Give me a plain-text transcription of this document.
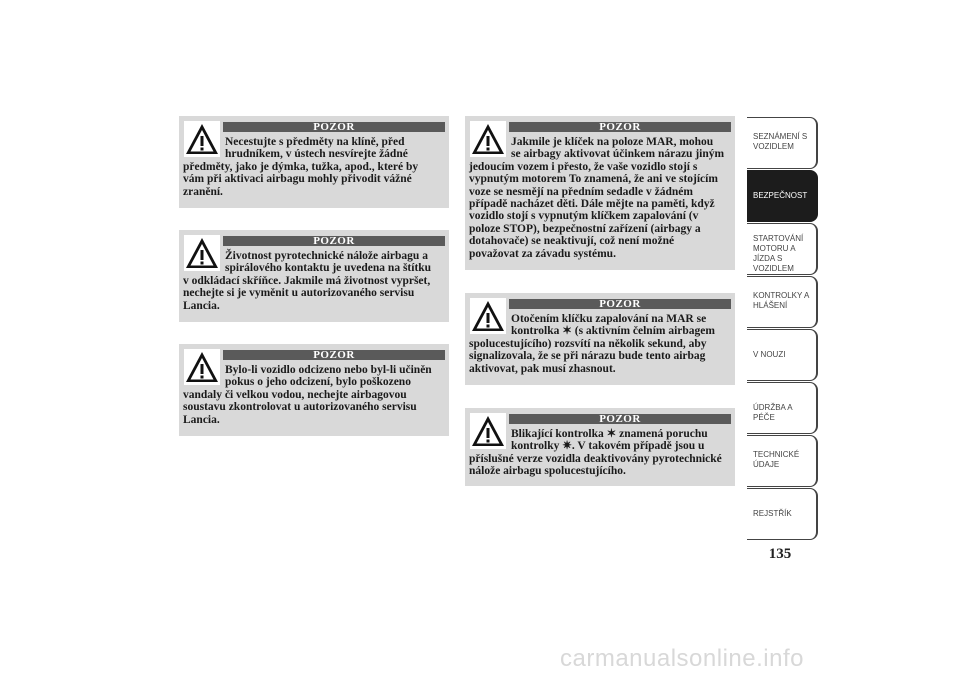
POZOR
Necestujte s předměty na klíně, před hrudníkem, v ústech nesvírejte žádné předměty, jako je dýmka, tužka, apod., které by vám při aktivaci airbagu mohly přivodit vážné zranění.
POZOR
Životnost pyrotechnické nálože airbagu a spirálového kontaktu je uvedena na štítku v odkládací skříňce. Jakmile má životnost vypršet, nechejte si je vyměnit u autorizovaného servisu Lancia.
POZOR
Bylo-li vozidlo odcizeno nebo byl-li učiněn pokus o jeho odcizení, bylo poškozeno vandaly či velkou vodou, nechejte airbagovou soustavu zkontrolovat u autorizovaného servisu Lancia.
POZOR
Jakmile je klíček na poloze MAR, mohou se airbagy aktivovat účinkem nárazu jiným jedoucím vozem i přesto, že vaše vozidlo stojí s vypnutým motorem To znamená, že ani ve stojícím voze se nesmějí na předním sedadle v žádném případě nacházet děti. Dále mějte na paměti, když vozidlo stojí s vypnutým klíčkem zapalování (v poloze STOP), bezpečnostní zařízení (airbagy a dotahovače) se neaktivují, což není možné považovat za závadu systému.
POZOR
Otočením klíčku zapalování na MAR se kontrolka ✶ (s aktivním čelním airbagem spolucestujícího) rozsvítí na několik sekund, aby signalizovala, že se při nárazu bude tento airbag aktivovat, pak musí zhasnout.
POZOR
Blikající kontrolka ✶ znamená poruchu kontrolky ✷. V takovém případě jsou u příslušné verze vozidla deaktivovány pyrotechnické nálože airbagu spolucestujícího.
SEZNÁMENÍ S VOZIDLEM
BEZPEČNOST
STARTOVÁNÍ MOTORU A JÍZDA S VOZIDLEM
KONTROLKY A HLÁŠENÍ
V NOUZI
ÚDRŽBA A PÉČE
TECHNICKÉ ÚDAJE
REJSTŘÍK
135
carmanualsonline.info
